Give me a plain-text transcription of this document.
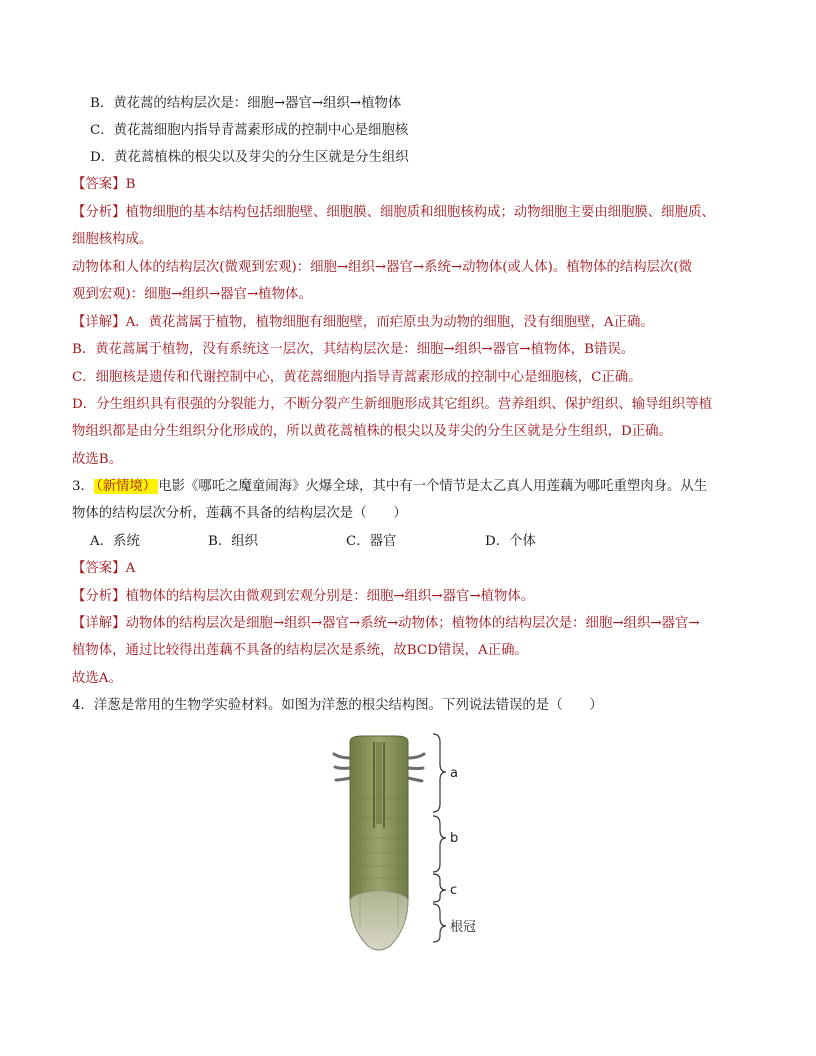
B．黄花蒿的结构层次是：细胞→器官→组织→植物体
C．黄花蒿细胞内指导青蒿素形成的控制中心是细胞核
D．黄花蒿植株的根尖以及芽尖的分生区就是分生组织
【答案】B
【分析】植物细胞的基本结构包括细胞壁、细胞膜、细胞质和细胞核构成；动物细胞主要由细胞膜、细胞质、
细胞核构成。
动物体和人体的结构层次(微观到宏观)：细胞→组织→器官→系统→动物体(或人体)。植物体的结构层次(微
观到宏观)：细胞→组织→器官→植物体。
【详解】A．黄花蒿属于植物，植物细胞有细胞壁，而疟原虫为动物的细胞，没有细胞壁，A正确。
B．黄花蒿属于植物，没有系统这一层次，其结构层次是：细胞→组织→器官→植物体，B错误。
C．细胞核是遗传和代谢控制中心，黄花蒿细胞内指导青蒿素形成的控制中心是细胞核，C正确。
D．分生组织具有很强的分裂能力，不断分裂产生新细胞形成其它组织。营养组织、保护组织、输导组织等植
物组织都是由分生组织分化形成的，所以黄花蒿植株的根尖以及芽尖的分生区就是分生组织，D正确。
故选B。
3． （新情境） 电影《哪吒之魔童闹海》火爆全球，其中有一个情节是太乙真人用莲藕为哪吒重塑肉身。从生
物体的结构层次分析，莲藕不具备的结构层次是（　　）
A．系统	B．组织	C．器官	D．个体
【答案】A
【分析】植物体的结构层次由微观到宏观分别是：细胞→组织→器官→植物体。
【详解】动物体的结构层次是细胞→组织→器官→系统→动物体；植物体的结构层次是：细胞→组织→器官→
植物体，通过比较得出莲藕不具备的结构层次是系统，故BCD错误，A正确。
故选A。
4．洋葱是常用的生物学实验材料。如图为洋葱的根尖结构图。下列说法错误的是（　　）
a
b
c
根冠
